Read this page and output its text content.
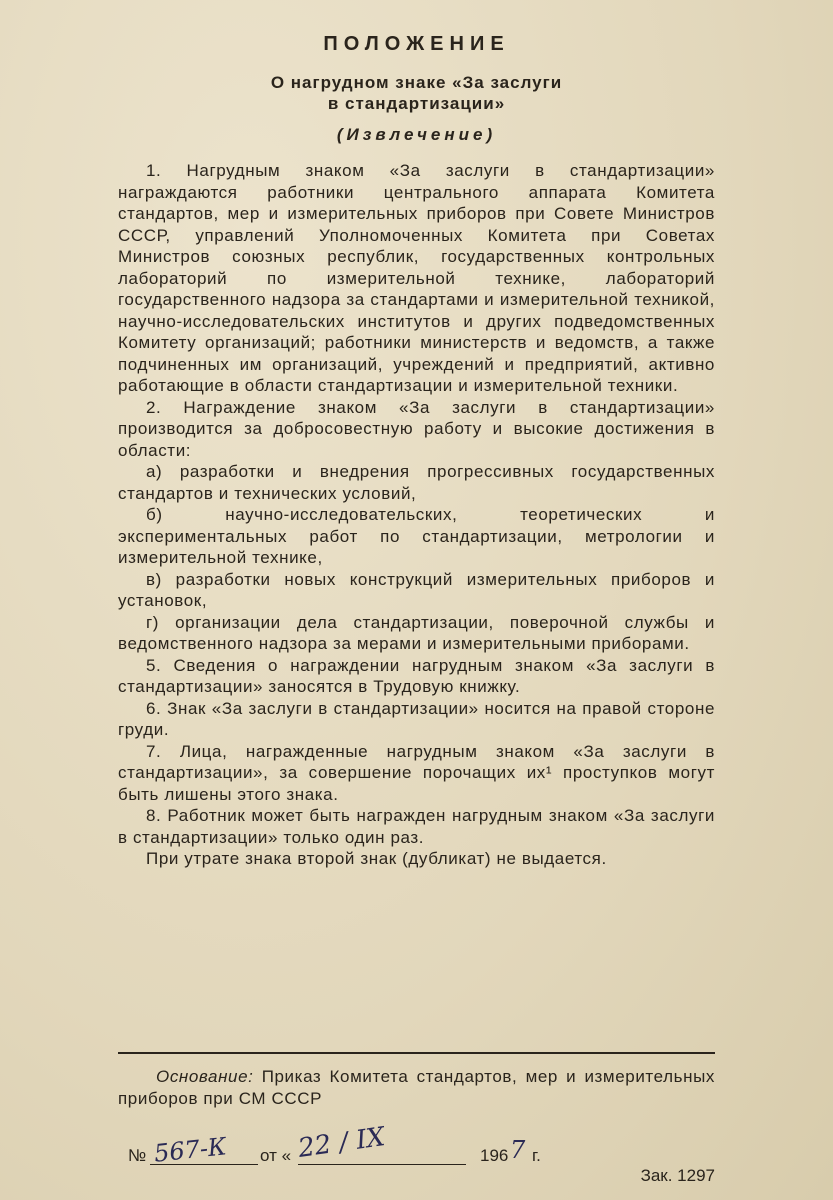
ПОЛОЖЕНИЕ
О нагрудном знаке «За заслуги
в стандартизации»
(Извлечение)

1. Нагрудным знаком «За заслуги в стандартизации» награждаются работники центрального аппарата Комитета стандартов, мер и измерительных приборов при Совете Министров СССР, управлений Уполномоченных Комитета при Советах Министров союзных республик, государственных контрольных лабораторий по измерительной технике, лабораторий государственного надзора за стандартами и измерительной техникой, научно-исследовательских институтов и других подведомственных Комитету организаций; работники министерств и ведомств, а также подчиненных им организаций, учреждений и предприятий, активно работающие в области стандартизации и измерительной техники.

2. Награждение знаком «За заслуги в стандартизации» производится за добросовестную работу и высокие достижения в области:

а) разработки и внедрения прогрессивных государственных стандартов и технических условий,

б) научно-исследовательских, теоретических и экспериментальных работ по стандартизации, метрологии и измерительной технике,

в) разработки новых конструкций измерительных приборов и установок,

г) организации дела стандартизации, поверочной службы и ведомственного надзора за мерами и измерительными приборами.

5. Сведения о награждении нагрудным знаком «За заслуги в стандартизации» заносятся в Трудовую книжку.

6. Знак «За заслуги в стандартизации» носится на правой стороне груди.

7. Лица, награжденные нагрудным знаком «За заслуги в стандартизации», за совершение порочащих их¹ проступков могут быть лишены этого знака.

8. Работник может быть награжден нагрудным знаком «За заслуги в стандартизации» только один раз.

При утрате знака второй знак (дубликат) не выдается.

Основание: Приказ Комитета стандартов, мер и измерительных приборов при СМ СССР
№ 567-К от « 22 / IX	196 7 г.
Зак. 1297
